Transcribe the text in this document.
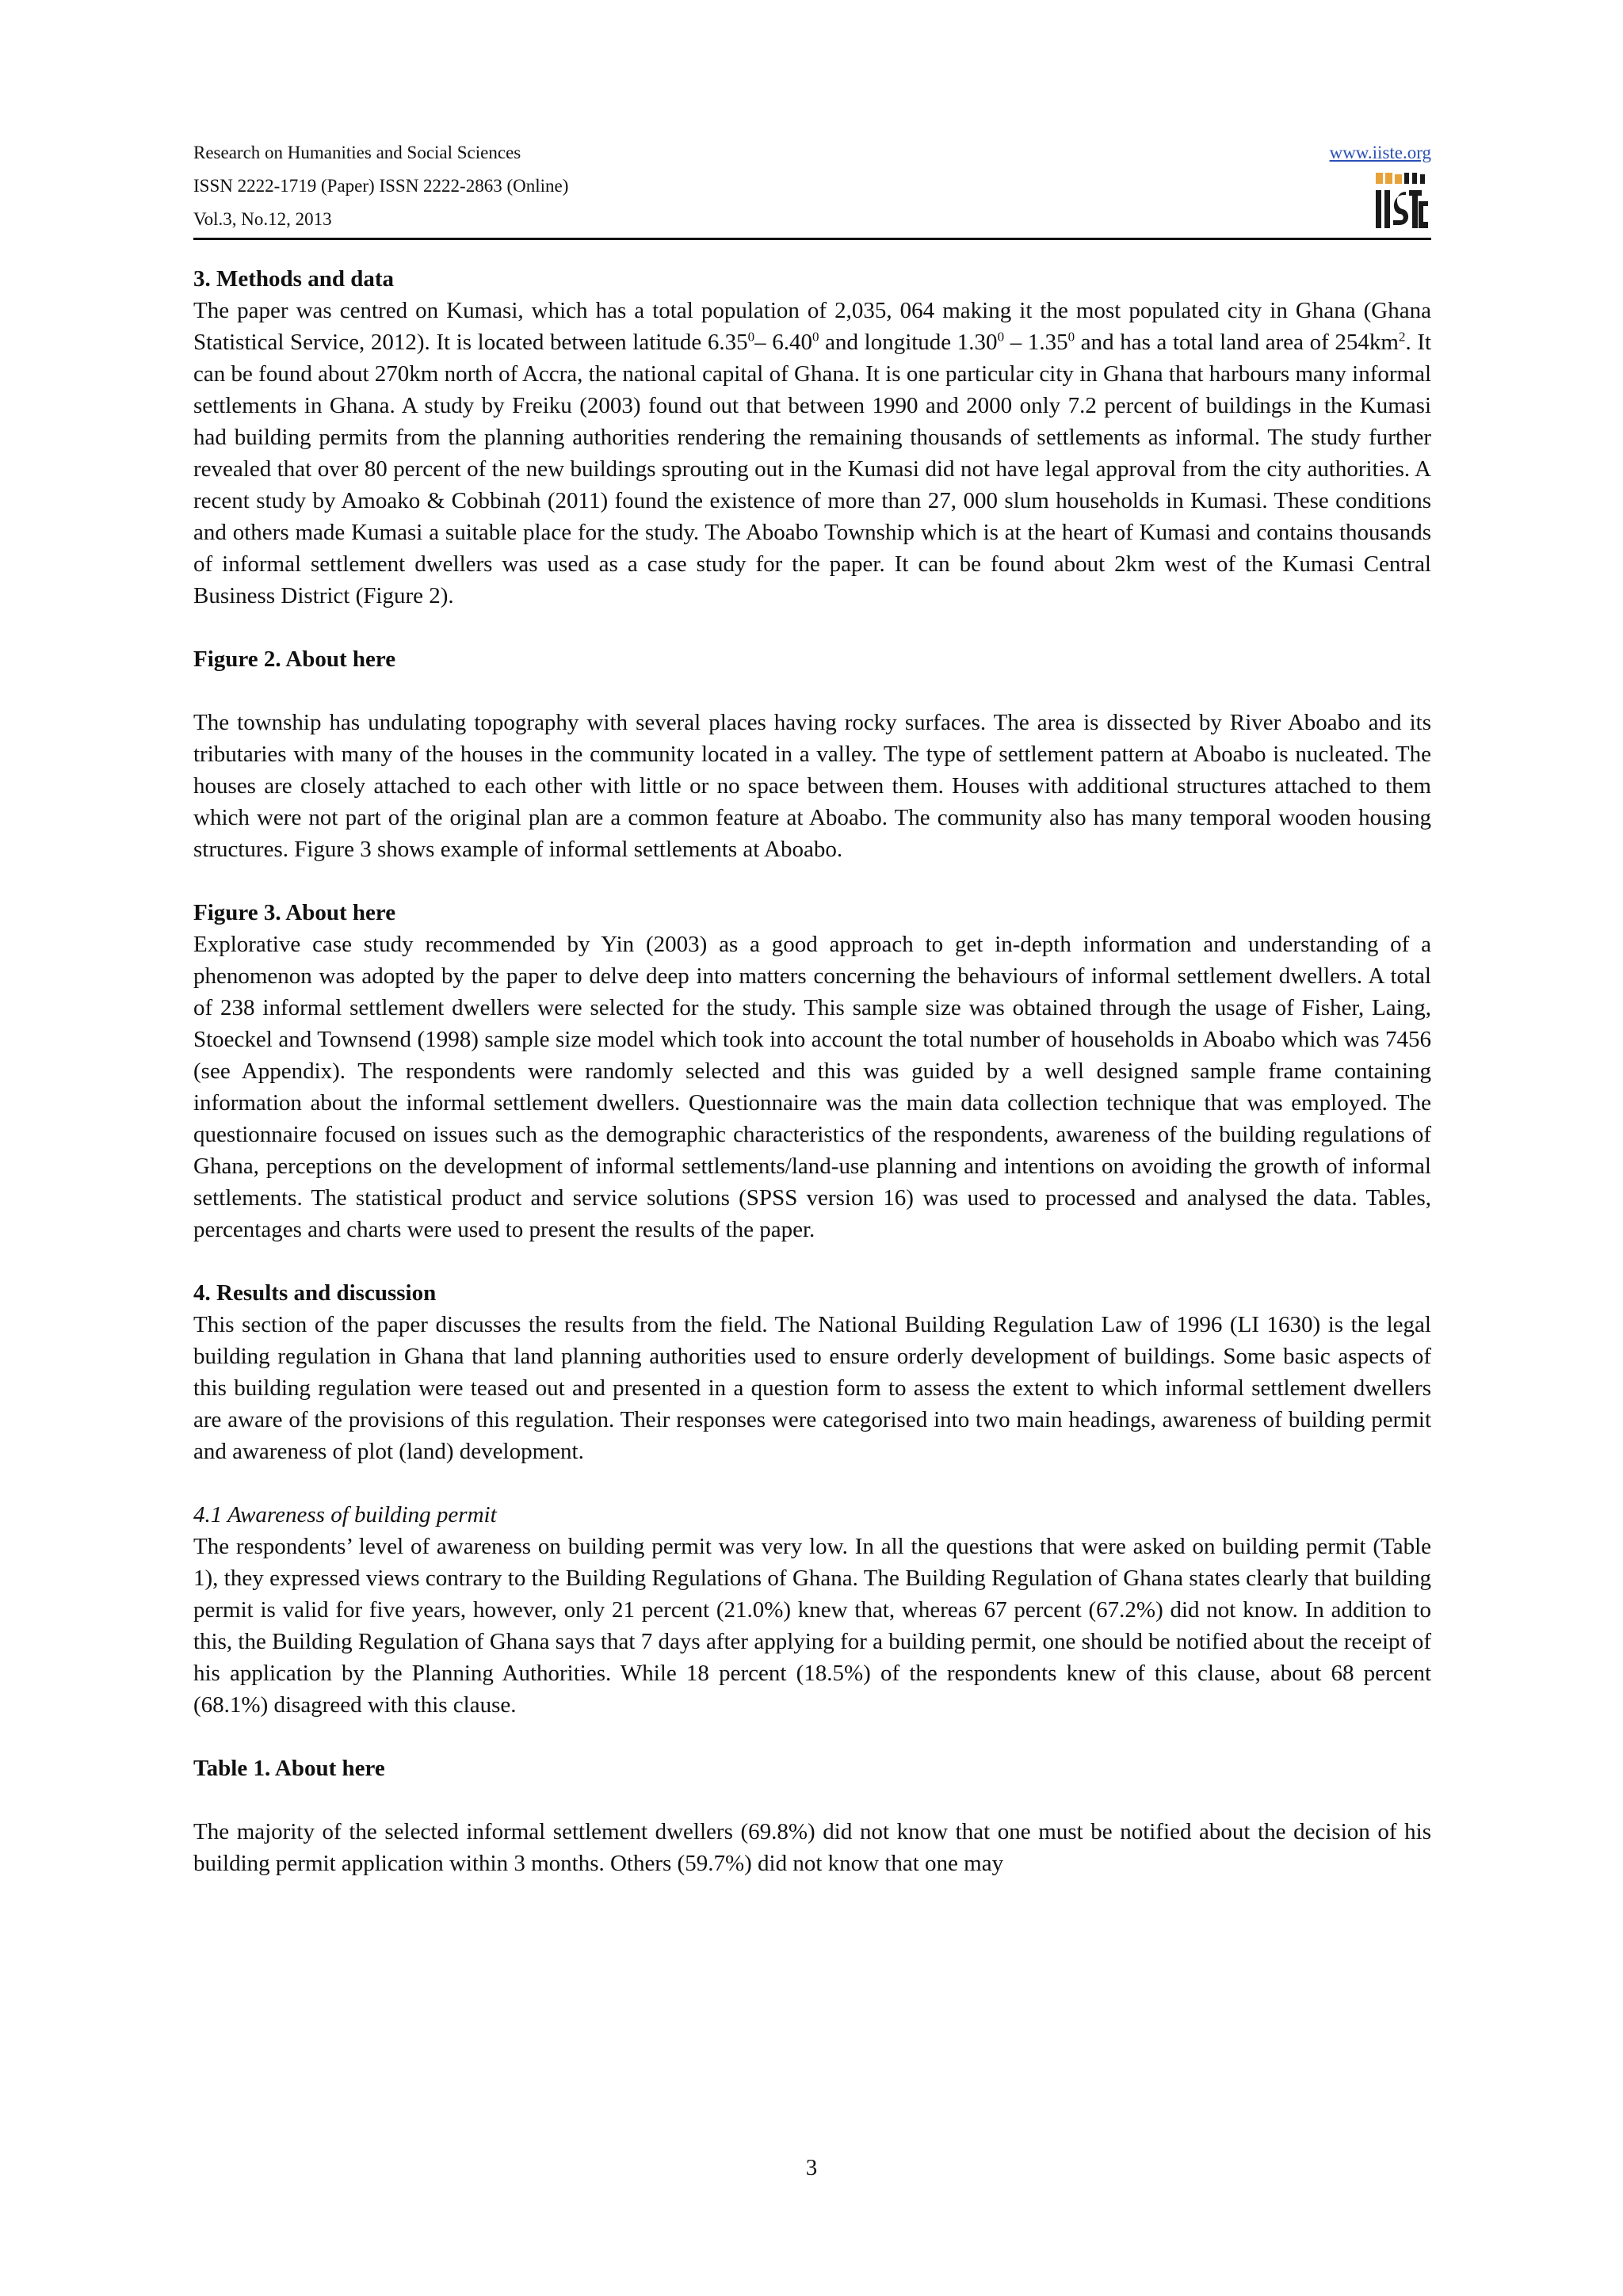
Research on Humanities and Social Sciences
ISSN 2222-1719 (Paper) ISSN 2222-2863 (Online)
Vol.3, No.12, 2013
www.iiste.org
3. Methods and data

The paper was centred on Kumasi, which has a total population of 2,035, 064 making it the most populated city in Ghana (Ghana Statistical Service, 2012). It is located between latitude 6.35$^0$– 6.40$^0$ and longitude 1.30$^0$ – 1.35$^0$ and has a total land area of $254km^2$. It can be found about 270km north of Accra, the national capital of Ghana. It is one particular city in Ghana that harbours many informal settlements in Ghana. A study by Freiku (2003) found out that between 1990 and 2000 only 7.2 percent of buildings in the Kumasi had building permits from the planning authorities rendering the remaining thousands of settlements as informal. The study further revealed that over 80 percent of the new buildings sprouting out in the Kumasi did not have legal approval from the city authorities. A recent study by Amoako & Cobbinah (2011) found the existence of more than 27, 000 slum households in Kumasi. These conditions and others made Kumasi a suitable place for the study. The Aboabo Township which is at the heart of Kumasi and contains thousands of informal settlement dwellers was used as a case study for the paper. It can be found about 2km west of the Kumasi Central Business District (Figure 2).

Figure 2. About here

The township has undulating topography with several places having rocky surfaces. The area is dissected by River Aboabo and its tributaries with many of the houses in the community located in a valley. The type of settlement pattern at Aboabo is nucleated. The houses are closely attached to each other with little or no space between them. Houses with additional structures attached to them which were not part of the original plan are a common feature at Aboabo. The community also has many temporal wooden housing structures. Figure 3 shows example of informal settlements at Aboabo.

Figure 3. About here

Explorative case study recommended by Yin (2003) as a good approach to get in-depth information and understanding of a phenomenon was adopted by the paper to delve deep into matters concerning the behaviours of informal settlement dwellers. A total of 238 informal settlement dwellers were selected for the study. This sample size was obtained through the usage of Fisher, Laing, Stoeckel and Townsend (1998) sample size model which took into account the total number of households in Aboabo which was 7456 (see Appendix). The respondents were randomly selected and this was guided by a well designed sample frame containing information about the informal settlement dwellers. Questionnaire was the main data collection technique that was employed. The questionnaire focused on issues such as the demographic characteristics of the respondents, awareness of the building regulations of Ghana, perceptions on the development of informal settlements/land-use planning and intentions on avoiding the growth of informal settlements. The statistical product and service solutions (SPSS version 16) was used to processed and analysed the data. Tables, percentages and charts were used to present the results of the paper.

4. Results and discussion

This section of the paper discusses the results from the field. The National Building Regulation Law of 1996 (LI 1630) is the legal building regulation in Ghana that land planning authorities used to ensure orderly development of buildings. Some basic aspects of this building regulation were teased out and presented in a question form to assess the extent to which informal settlement dwellers are aware of the provisions of this regulation. Their responses were categorised into two main headings, awareness of building permit and awareness of plot (land) development.

4.1 Awareness of building permit

The respondents’ level of awareness on building permit was very low. In all the questions that were asked on building permit (Table 1), they expressed views contrary to the Building Regulations of Ghana. The Building Regulation of Ghana states clearly that building permit is valid for five years, however, only 21 percent (21.0%) knew that, whereas 67 percent (67.2%) did not know. In addition to this, the Building Regulation of Ghana says that 7 days after applying for a building permit, one should be notified about the receipt of his application by the Planning Authorities. While 18 percent (18.5%) of the respondents knew of this clause, about 68 percent (68.1%) disagreed with this clause.

Table 1. About here

The majority of the selected informal settlement dwellers (69.8%) did not know that one must be notified about the decision of his building permit application within 3 months. Others (59.7%) did not know that one may

3
